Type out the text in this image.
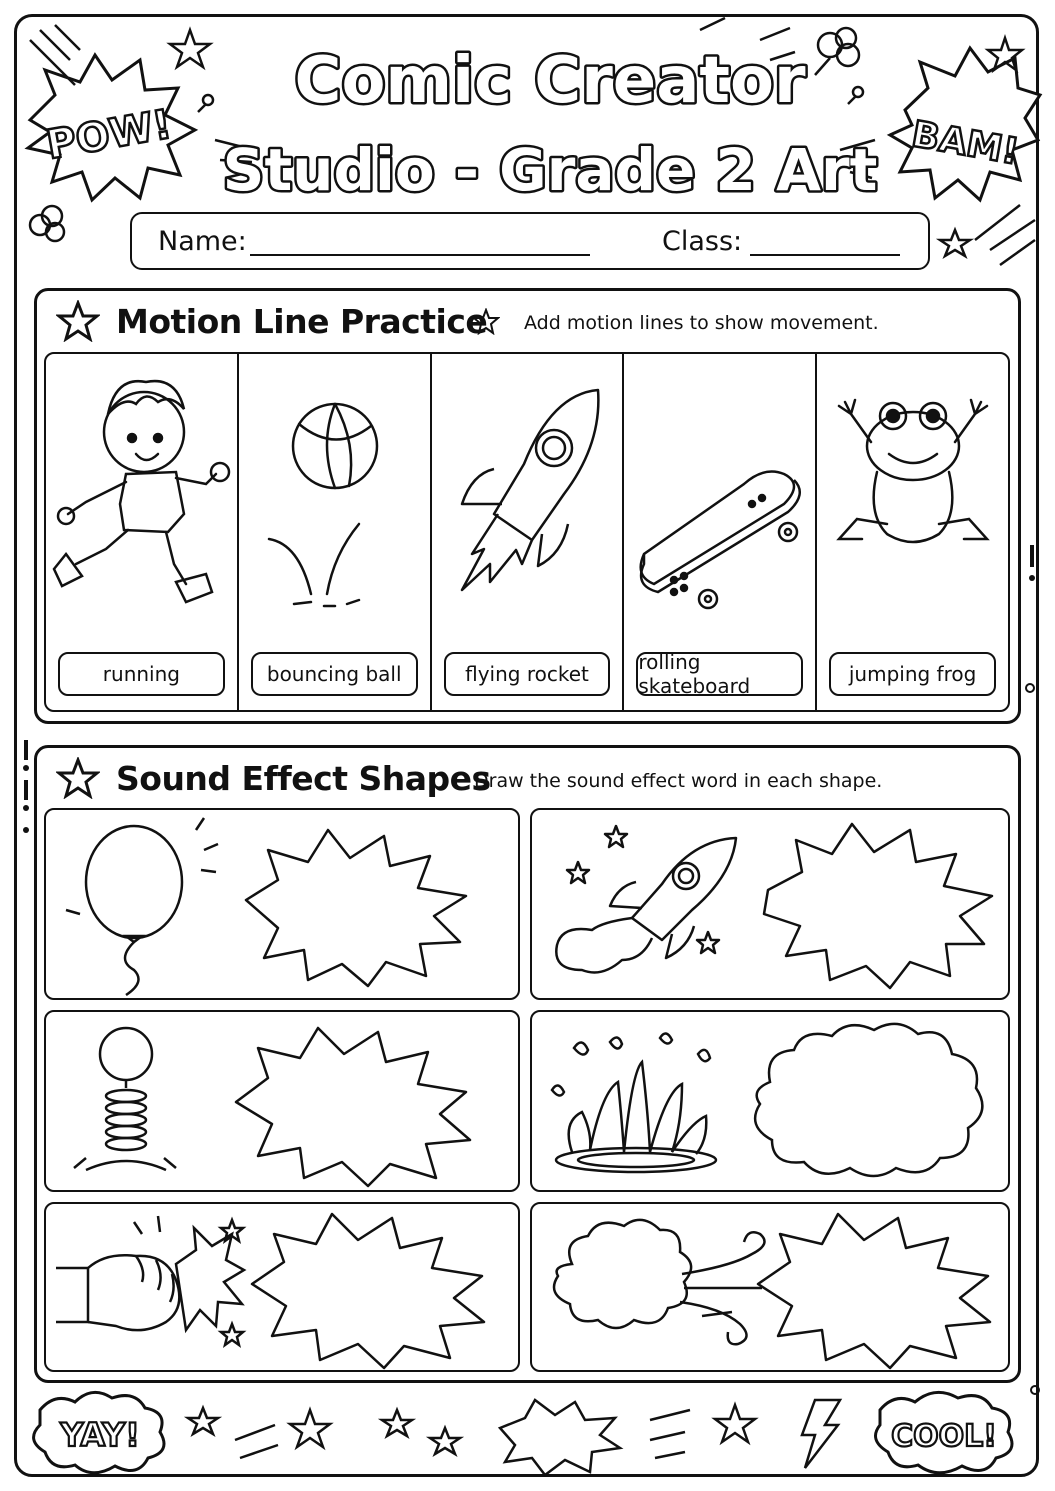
POW!	BAM!
YAY!	COOL!
Comic Creator
Studio - Grade 2 Art
Name:	Class:
Motion Line Practice Add motion lines to show movement.
running	bouncing ball	flying rocket	rolling skateboard	jumping frog
Sound Effect Shapes
Draw the sound effect word in each shape.
